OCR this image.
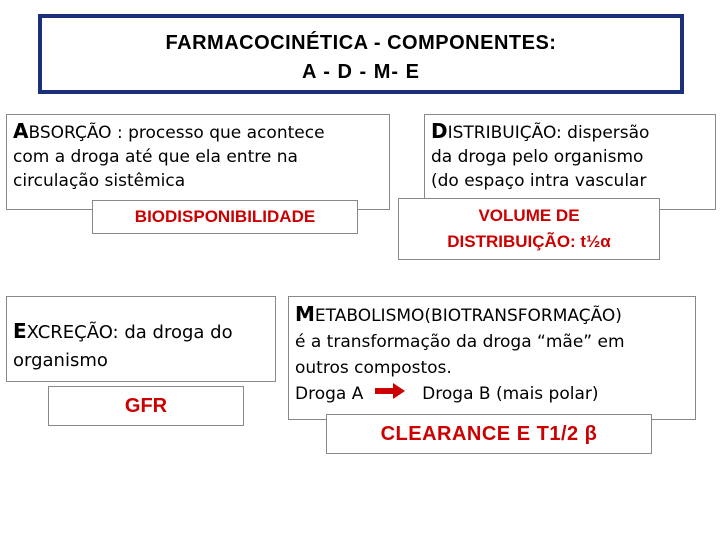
FARMACOCINÉTICA - COMPONENTES:
A - D - M- E
ABSORÇÃO : processo que acontece
com a droga até que ela entre na
circulação sistêmica
BIODISPONIBILIDADE
DISTRIBUIÇÃO: dispersão
da droga pelo organismo
(do espaço intra vascular
VOLUME DE
DISTRIBUIÇÃO: t½α
EXCREÇÃO: da droga do
organismo
GFR
METABOLISMO(BIOTRANSFORMAÇÃO)
é a transformação da droga “mãe” em
outros compostos.
Droga A	Droga B (mais polar)
CLEARANCE E T1/2 β
